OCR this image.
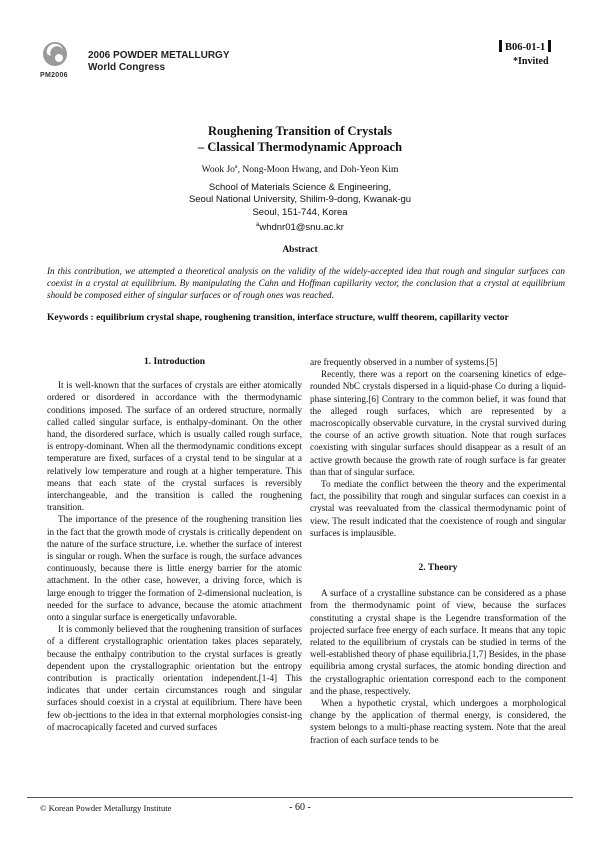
PM2006
2006 POWDER METALLURGY
World Congress
B06-01-1
*Invited
Roughening Transition of Crystals
– Classical Thermodynamic Approach
Wook Jo$^a$, Nong-Moon Hwang, and Doh-Yeon Kim
School of Materials Science & Engineering,
Seoul National University, Shilim-9-dong, Kwanak-gu
Seoul, 151-744, Korea
$^a$whdnr01@snu.ac.kr
Abstract
In this contribution, we attempted a theoretical analysis on the validity of the widely-accepted idea that rough and singular surfaces can coexist in a crystal at equilibrium. By manipulating the Cahn and Hoffman capillarity vector, the conclusion that a crystal at equilibrium should be composed either of singular surfaces or of rough ones was reached.
Keywords : equilibrium crystal shape, roughening transition, interface structure, wulff theorem, capillarity vector
1. Introduction

It is well-known that the surfaces of crystals are either atomically ordered or disordered in accordance with the thermodynamic conditions imposed. The surface of an ordered structure, normally called called singular surface, is enthalpy-dominant. On the other hand, the disordered surface, which is usually called rough surface, is entropy-dominant. When all the thermodynamic conditions except temperature are fixed, surfaces of a crystal tend to be singular at a relatively low temperature and rough at a higher temperature. This means that each state of the crystal surfaces is reversibly interchangeable, and the transition is called the roughening transition.

The importance of the presence of the roughening transition lies in the fact that the growth mode of crystals is critically dependent on the nature of the surface structure, i.e. whether the surface of interest is singular or rough. When the surface is rough, the surface advances continuously, because there is little energy barrier for the atomic attachment. In the other case, however, a driving force, which is large enough to trigger the formation of 2-dimensional nucleation, is needed for the surface to advance, because the atomic attachment onto a singular surface is energetically unfavorable.

It is commonly believed that the roughening transition of surfaces of a different crystallographic orientation takes places separately, because the enthalpy contribution to the crystal surfaces is greatly dependent upon the crystallographic orientation but the entropy contribution is practically orientation independent.[1-4] This indicates that under certain circumstances rough and singular surfaces should coexist in a crystal at equilibrium. There have been few ob-jecttions to the idea in that external morphologies consist-ing of macrocapically faceted and curved surfaces

are frequently observed in a number of systems.[5]

Recently, there was a report on the coarsening kinetics of edge-rounded NbC crystals dispersed in a liquid-phase Co during a liquid-phase sintering.[6] Contrary to the common belief, it was found that the alleged rough surfaces, which are represented by a macroscopically observable curvature, in the crystal survived during the course of an active growth situation. Note that rough surfaces coexisting with singular surfaces should disappear as a result of an active growth because the growth rate of rough surface is far greater than that of singular surface.

To mediate the conflict between the theory and the experimental fact, the possibility that rough and singular surfaces can coexist in a crystal was reevaluated from the classical thermodynamic point of view. The result indicated that the coexistence of rough and singular surfaces is implausible.

2. Theory

A surface of a crystalline substance can be considered as a phase from the thermodynamic point of view, because the surfaces constituting a crystal shape is the Legendre transformation of the projected surface free energy of each surface. It means that any topic related to the equilibrium of crystals can be studied in terms of the well-established theory of phase equilibria.[1,7] Besides, in the phase equilibria among crystal surfaces, the atomic bonding direction and the crystallographic orientation correspond each to the component and the phase, respectively.

When a hypothetic crystal, which undergoes a morphological change by the application of thermal energy, is considered, the system belongs to a multi-phase reacting system. Note that the areal fraction of each surface tends to be

© Korean Powder Metallurgy Institute	- 60 -
